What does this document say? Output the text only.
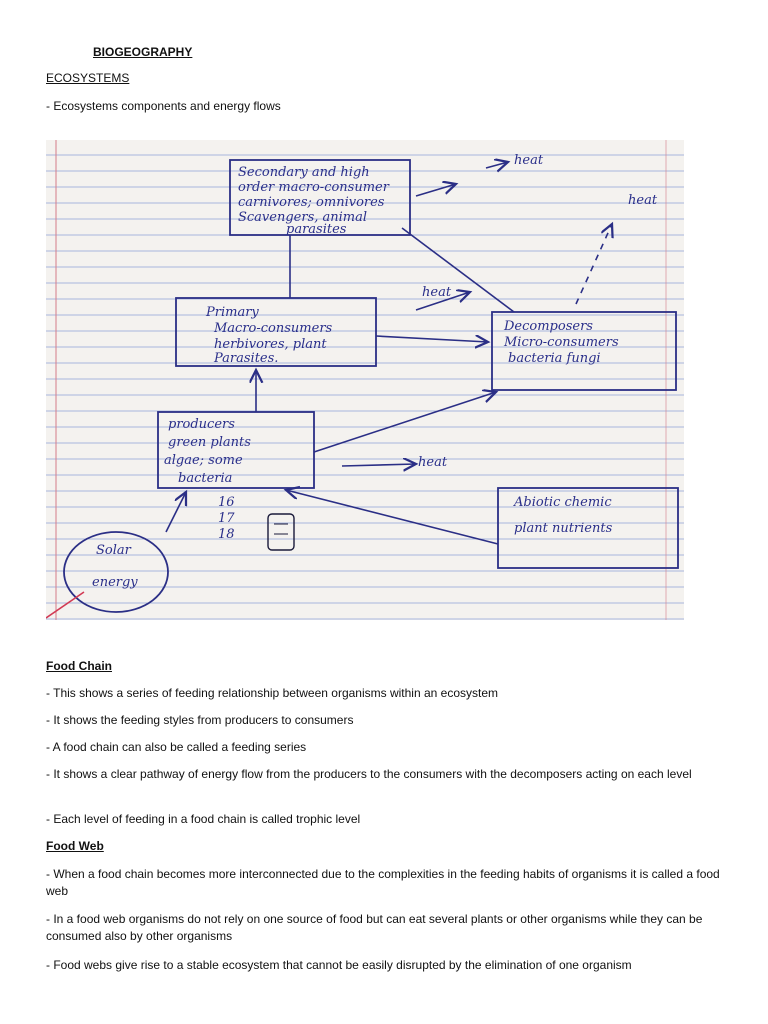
BIOGEOGRAPHY

ECOSYSTEMS

- Ecosystems components and energy flows

Secondary and high order macro-consumer carnivores; omnivores Scavengers, animal parasites
Primary Macro-consumers herbivores, plant Parasites.
Decomposers Micro-consumers bacteria fungi
producers green plants algae; some bacteria
Abiotic chemic plant nutrients
Solar energy
heat
heat
heat
heat
16
17
18

Food Chain

- This shows a series of feeding relationship between organisms within an ecosystem

- It shows the feeding styles from producers to consumers

- A food chain can also be called a feeding series

- It shows a clear pathway of energy flow from the producers to the consumers with the decomposers acting on each level

- Each level of feeding in a food chain is called trophic level

Food Web

- When a food chain becomes more interconnected due to the complexities in the feeding habits of organisms it is called a food web

- In a food web organisms do not rely on one source of food but can eat several plants or other organisms while they can be consumed also by other organisms

- Food webs give rise to a stable ecosystem that cannot be easily disrupted by the elimination of one organism
